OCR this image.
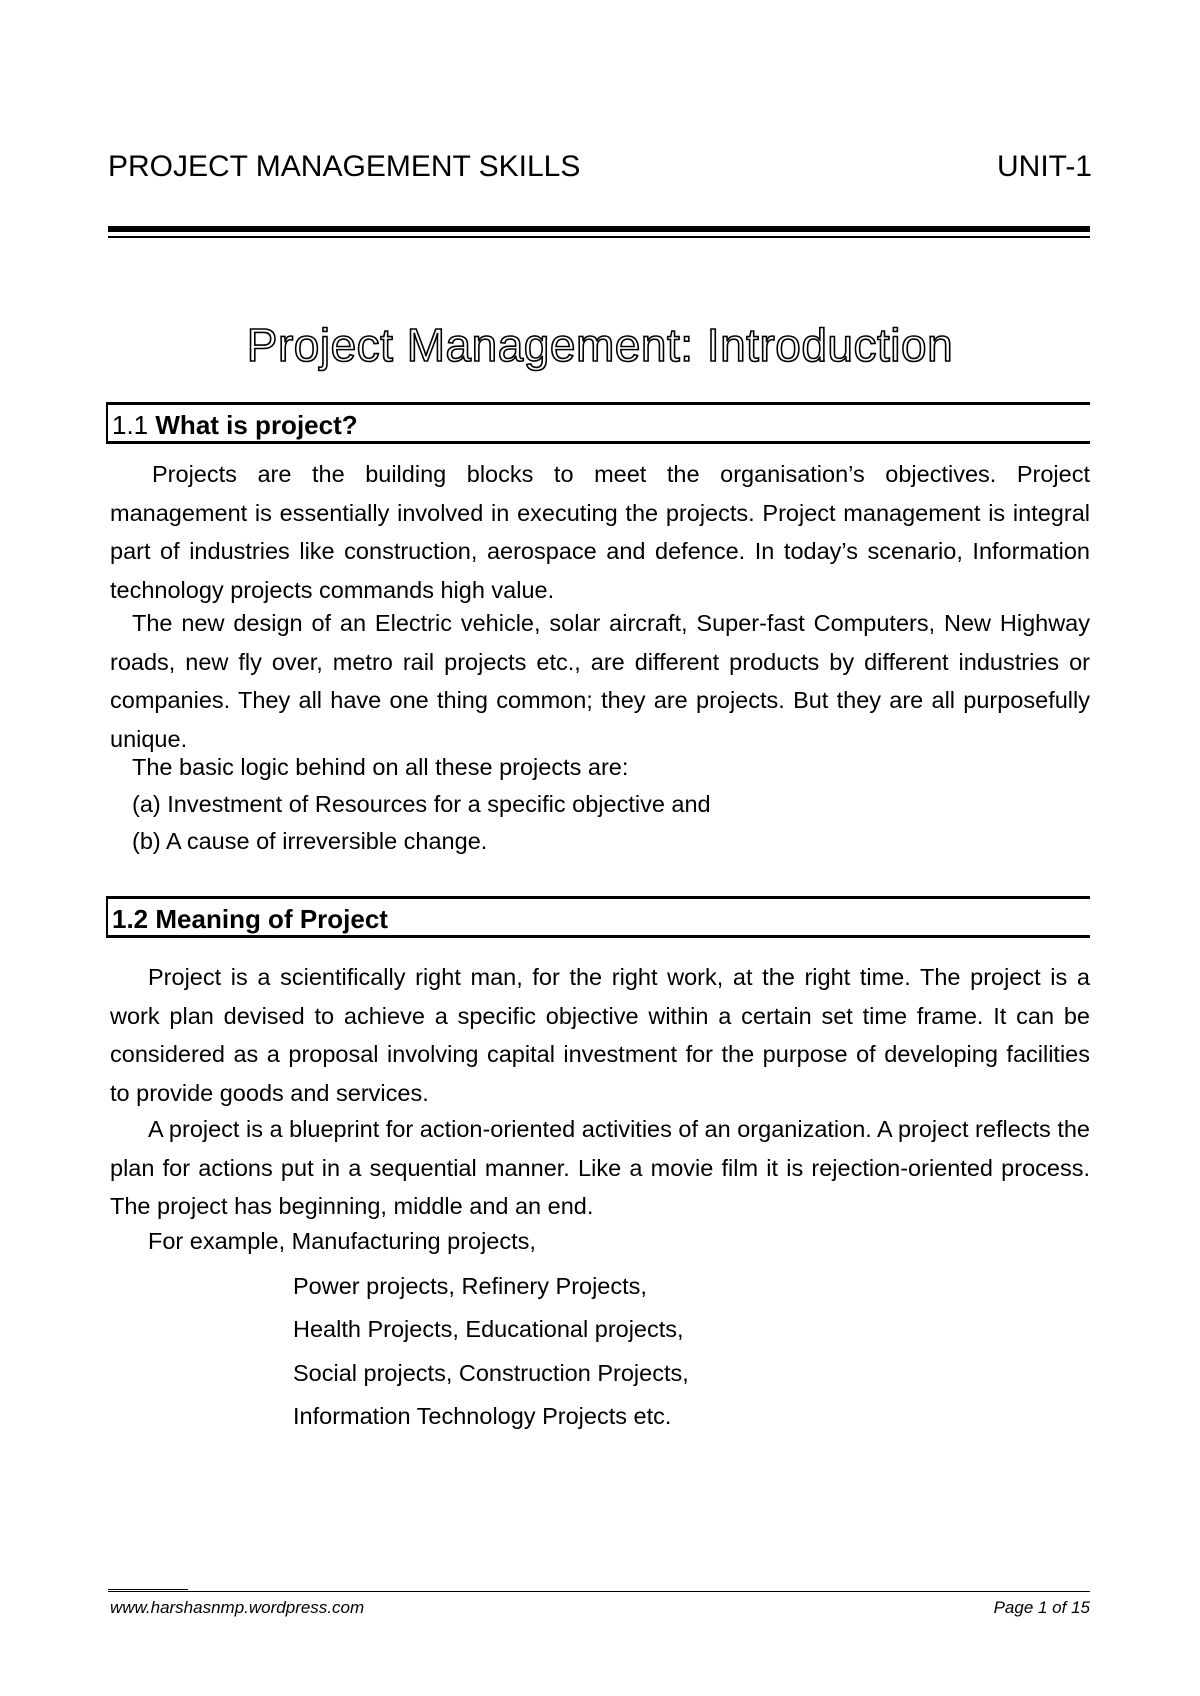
PROJECT MANAGEMENT SKILLS	UNIT-1
Project Management: Introduction
1.1 What is project?

Projects are the building blocks to meet the organisation’s objectives. Project management is essentially involved in executing the projects. Project management is integral part of industries like construction, aerospace and defence. In today’s scenario, Information technology projects commands high value.

The new design of an Electric vehicle, solar aircraft, Super-fast Computers, New Highway roads, new fly over, metro rail projects etc., are different products by different industries or companies. They all have one thing common; they are projects. But they are all purposefully unique.

The basic logic behind on all these projects are:
(a) Investment of Resources for a specific objective and
(b) A cause of irreversible change.
1.2 Meaning of Project

Project is a scientifically right man, for the right work, at the right time. The project is a work plan devised to achieve a specific objective within a certain set time frame. It can be considered as a proposal involving capital investment for the purpose of developing facilities to provide goods and services.

A project is a blueprint for action-oriented activities of an organization. A project reflects the plan for actions put in a sequential manner. Like a movie film it is rejection-oriented process. The project has beginning, middle and an end.

For example, Manufacturing projects,
Power projects, Refinery Projects,
Health Projects, Educational projects,
Social projects, Construction Projects,
Information Technology Projects etc.
www.harshasnmp.wordpress.com	Page 1 of 15
